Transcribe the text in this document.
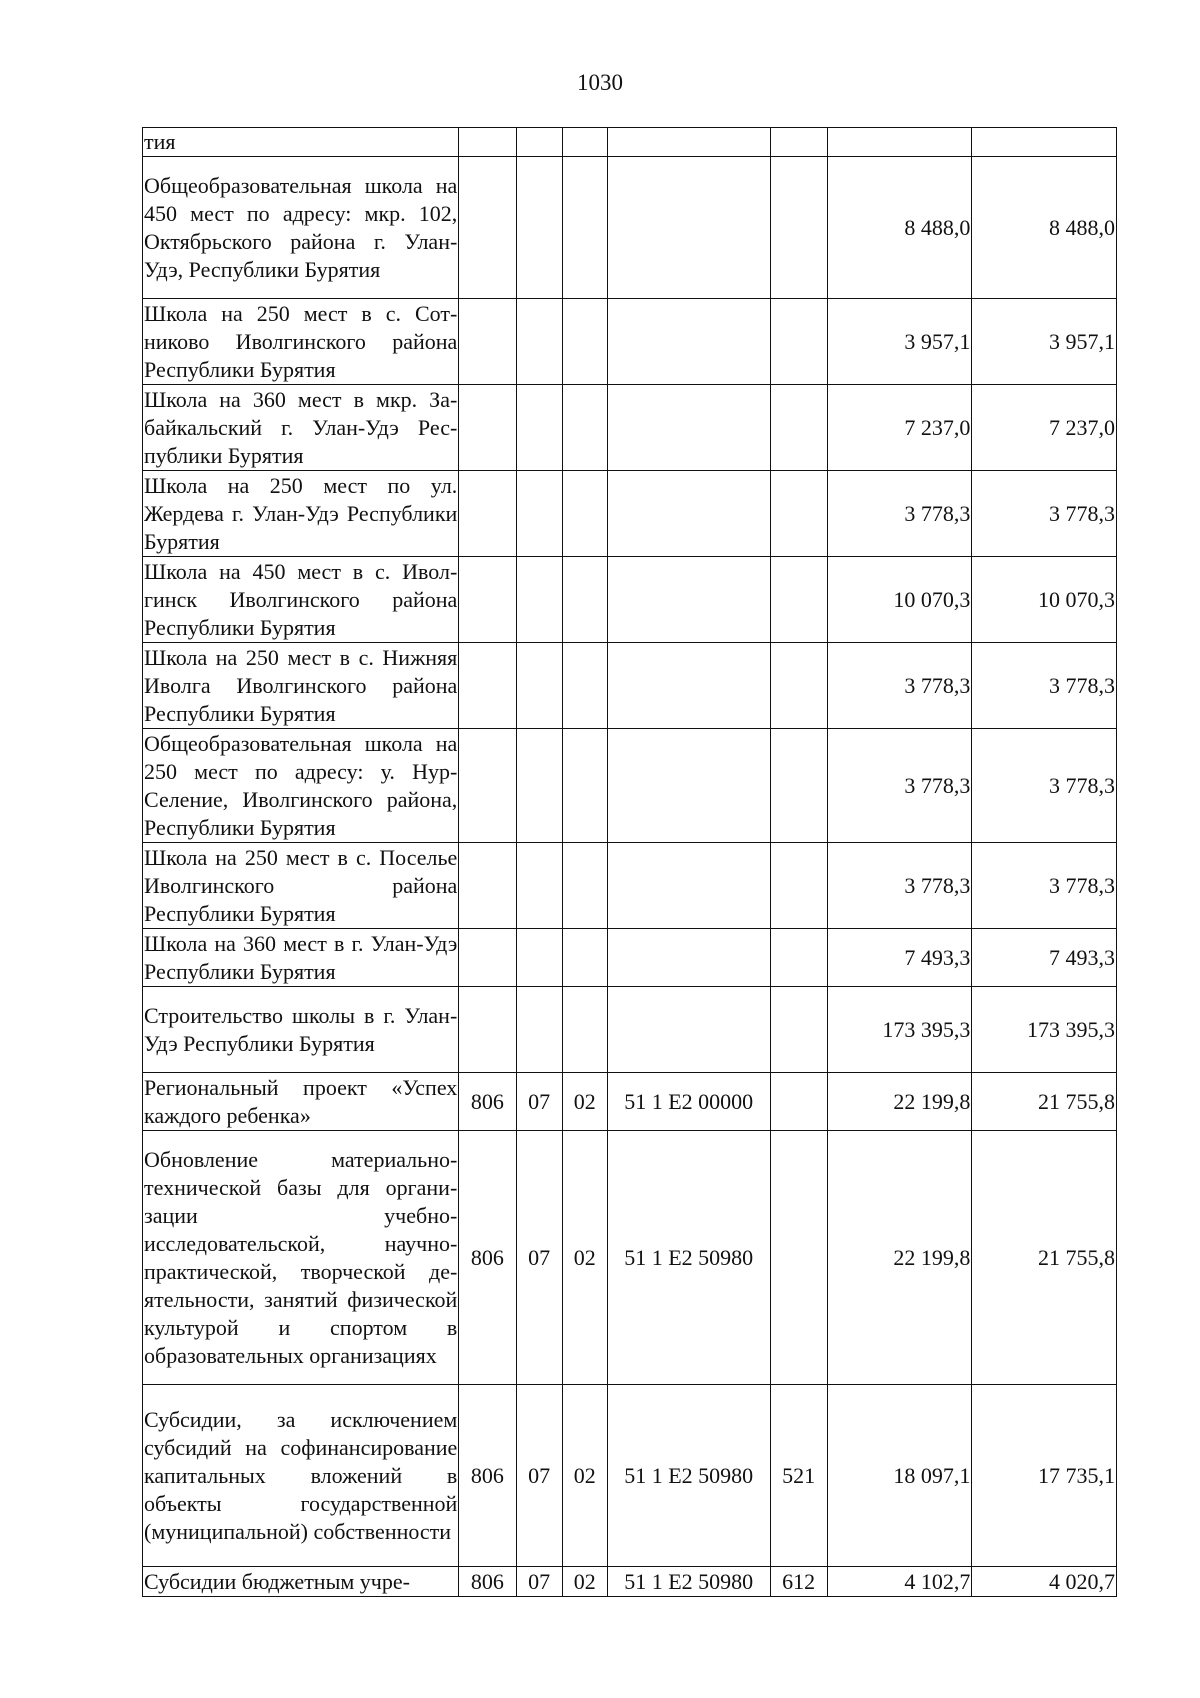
1030
тия							
Общеобразовательная школа на 450 мест по адресу: мкр. 102, Октябрьского района г. Улан-Удэ, Республики Бурятия						8 488,0	8 488,0
Школа на 250 мест в с. Сотниково Иволгинского района Республики Бурятия						3 957,1	3 957,1
Школа на 360 мест в мкр. Забайкальский г. Улан-Удэ Республики Бурятия						7 237,0	7 237,0
Школа на 250 мест по ул. Жердева г. Улан-Удэ Республики Бурятия						3 778,3	3 778,3
Школа на 450 мест в с. Иволгинск Иволгинского района Республики Бурятия						10 070,3	10 070,3
Школа на 250 мест в с. Нижняя Иволга Иволгинского района Республики Бурятия						3 778,3	3 778,3
Общеобразовательная школа на 250 мест по адресу: у. Нур-Селение, Иволгинского района, Республики Бурятия						3 778,3	3 778,3
Школа на 250 мест в с. Поселье Иволгинского района Республики Бурятия						3 778,3	3 778,3
Школа на 360 мест в г. Улан-Удэ Республики Бурятия						7 493,3	7 493,3
Строительство школы в г. Улан-Удэ Республики Бурятия						173 395,3	173 395,3
Региональный проект «Успех каждого ребенка»	806	07	02	51 1 E2 00000		22 199,8	21 755,8
Обновление материально-технической базы для организации учебно-исследовательской, научно-практической, творческой деятельности, занятий физической культурой и спортом в образовательных организациях	806	07	02	51 1 E2 50980		22 199,8	21 755,8
Субсидии, за исключением субсидий на софинансирование капитальных вложений в объекты государственной (муниципальной) собственности	806	07	02	51 1 E2 50980	521	18 097,1	17 735,1
Субсидии бюджетным учре-	806	07	02	51 1 E2 50980	612	4 102,7	4 020,7
